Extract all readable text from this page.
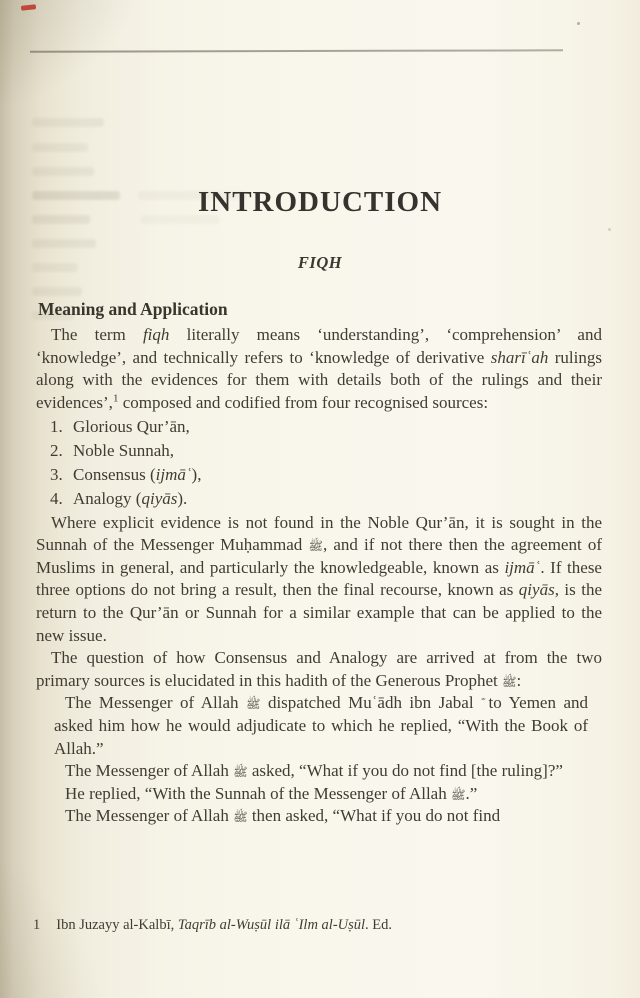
INTRODUCTION
FIQH
Meaning and Application

The term fiqh literally means ‘understanding’, ‘comprehension’ and ‘knowledge’, and technically refers to ‘knowledge of derivative sharīʿah rulings along with the evidences for them with details both of the rulings and their evidences’,$^1$ composed and codified from four recognised sources:

1. Glorious Qur’ān,
2. Noble Sunnah,
3. Consensus (ijmāʿ),
4. Analogy (qiyās).

Where explicit evidence is not found in the Noble Qur’ān, it is sought in the Sunnah of the Messenger Muḥammad ﷺ, and if not there then the agreement of Muslims in general, and particularly the knowledgeable, known as ijmāʿ. If these three options do not bring a result, then the final recourse, known as qiyās, is the return to the Qur’ān or Sunnah for a similar example that can be applied to the new issue.

The question of how Consensus and Analogy are arrived at from the two primary sources is elucidated in this hadith of the Generous Prophet ﷺ:

The Messenger of Allah ﷺ dispatched Muʿādh ibn Jabal to Yemen and asked him how he would adjudicate to which he replied, “With the Book of Allah.”

The Messenger of Allah ﷺ asked, “What if you do not find [the ruling]?”

He replied, “With the Sunnah of the Messenger of Allah ﷺ.”

The Messenger of Allah ﷺ then asked, “What if you do not find

1 Ibn Juzayy al-Kalbī, Taqrīb al-Wuṣūl ilā ʿIlm al-Uṣūl. Ed.
